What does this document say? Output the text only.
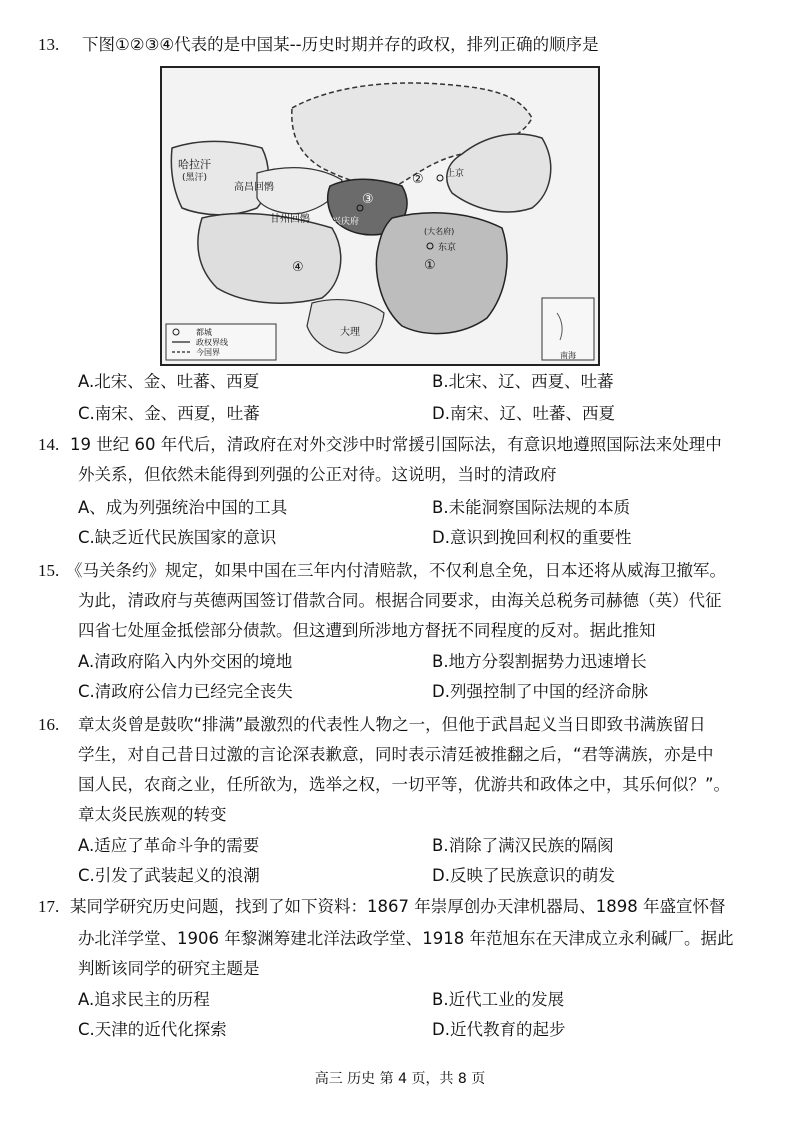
13. 下图①②③④代表的是中国某--历史时期并存的政权，排列正确的顺序是
哈拉汗
(黑汗)
高昌回鹘
甘州回鹘 兴庆府
(大名府)
东京
上京
大理
①
②
③
④
南海
都城
政权界线
今国界
A.北宋、金、吐蕃、西夏	B.北宋、辽、西夏、吐蕃
C.南宋、金、西夏，吐蕃	D.南宋、辽、吐蕃、西夏
14. 19 世纪 60 年代后，清政府在对外交涉中时常援引国际法，有意识地遵照国际法来处理中
外关系，但依然未能得到列强的公正对待。这说明，当时的清政府
A、成为列强统治中国的工具	B.未能洞察国际法规的本质
C.缺乏近代民族国家的意识	D.意识到挽回利权的重要性
15. 《马关条约》规定，如果中国在三年内付清赔款，不仅利息全免，日本还将从威海卫撤军。
为此，清政府与英德两国签订借款合同。根据合同要求，由海关总税务司赫德（英）代征
四省七处厘金抵偿部分债款。但这遭到所涉地方督抚不同程度的反对。据此推知
A.清政府陷入内外交困的境地	B.地方分裂割据势力迅速增长
C.清政府公信力已经完全丧失	D.列强控制了中国的经济命脉
16. 章太炎曾是鼓吹“排满”最激烈的代表性人物之一，但他于武昌起义当日即致书满族留日
学生，对自己昔日过激的言论深表歉意，同时表示清廷被推翻之后，“君等满族，亦是中
国人民，农商之业，任所欲为，选举之权，一切平等，优游共和政体之中，其乐何似？”。
章太炎民族观的转变
A.适应了革命斗争的需要	B.消除了满汉民族的隔阂
C.引发了武装起义的浪潮	D.反映了民族意识的萌发
17. 某同学研究历史问题，找到了如下资料：1867 年崇厚创办天津机器局、1898 年盛宣怀督
办北洋学堂、1906 年黎渊筹建北洋法政学堂、1918 年范旭东在天津成立永利碱厂。据此
判断该同学的研究主题是
A.追求民主的历程	B.近代工业的发展
C.天津的近代化探索	D.近代教育的起步
高三 历史 第 4 页，共 8 页
